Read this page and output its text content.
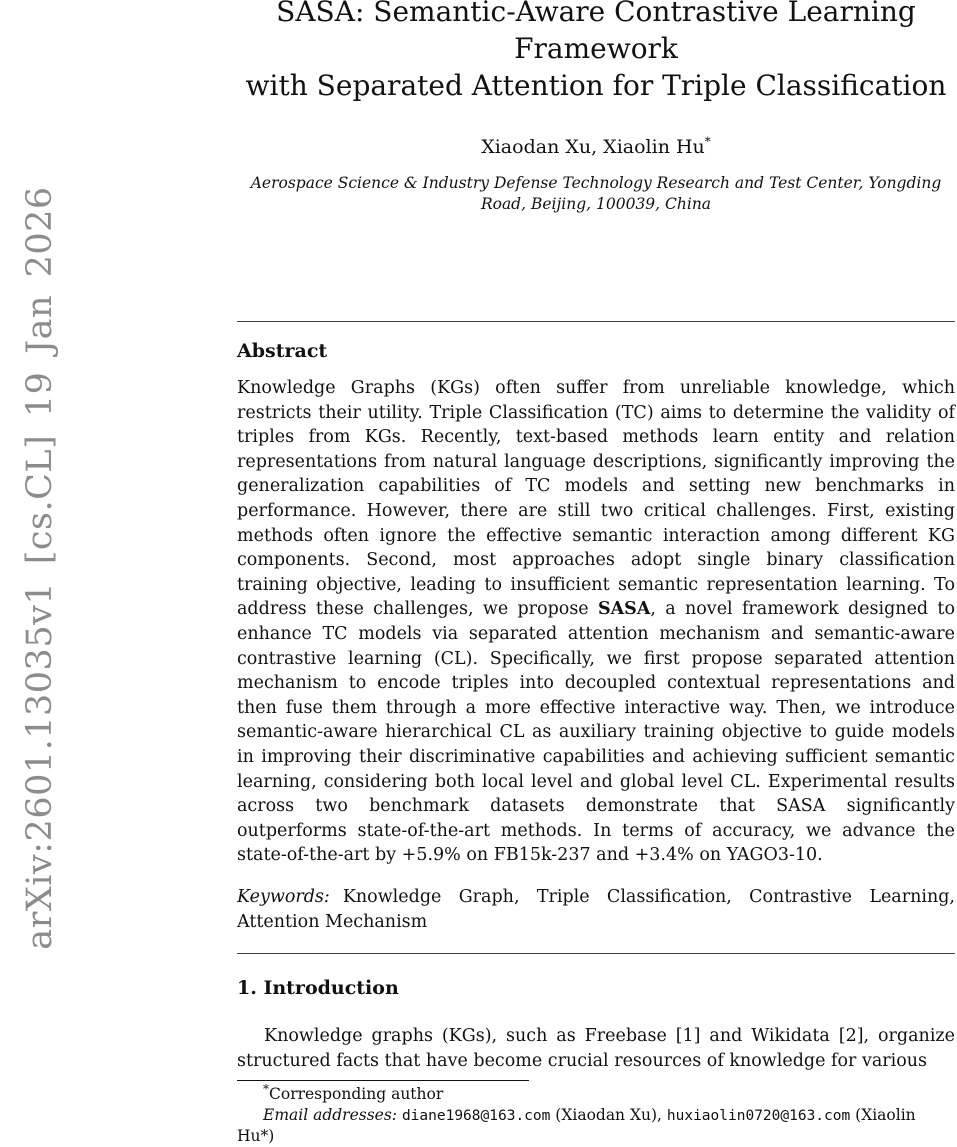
arXiv:2601.13035v1 [cs.CL] 19 Jan 2026
SASA: Semantic-Aware Contrastive Learning Framework
with Separated Attention for Triple Classification
Xiaodan Xu, Xiaolin Hu*
Aerospace Science & Industry Defense Technology Research and Test Center, Yongding
Road, Beijing, 100039, China
Abstract

Knowledge Graphs (KGs) often suffer from unreliable knowledge, which restricts their utility. Triple Classification (TC) aims to determine the validity of triples from KGs. Recently, text-based methods learn entity and relation representations from natural language descriptions, significantly improving the generalization capabilities of TC models and setting new benchmarks in performance. However, there are still two critical challenges. First, existing methods often ignore the effective semantic interaction among different KG components. Second, most approaches adopt single binary classification training objective, leading to insufficient semantic representation learning. To address these challenges, we propose SASA, a novel framework designed to enhance TC models via separated attention mechanism and semantic-aware contrastive learning (CL). Specifically, we first propose separated attention mechanism to encode triples into decoupled contextual representations and then fuse them through a more effective interactive way. Then, we introduce semantic-aware hierarchical CL as auxiliary training objective to guide models in improving their discriminative capabilities and achieving sufficient semantic learning, considering both local level and global level CL. Experimental results across two benchmark datasets demonstrate that SASA significantly outperforms state-of-the-art methods. In terms of accuracy, we advance the state-of-the-art by +5.9% on FB15k-237 and +3.4% on YAGO3-10.

Keywords: Knowledge Graph, Triple Classification, Contrastive Learning, Attention Mechanism

1. Introduction

Knowledge graphs (KGs), such as Freebase [1] and Wikidata [2], organize structured facts that have become crucial resources of knowledge for various

*Corresponding author

Email addresses: diane1968@163.com (Xiaodan Xu), huxiaolin0720@163.com (Xiaolin
Hu*)
